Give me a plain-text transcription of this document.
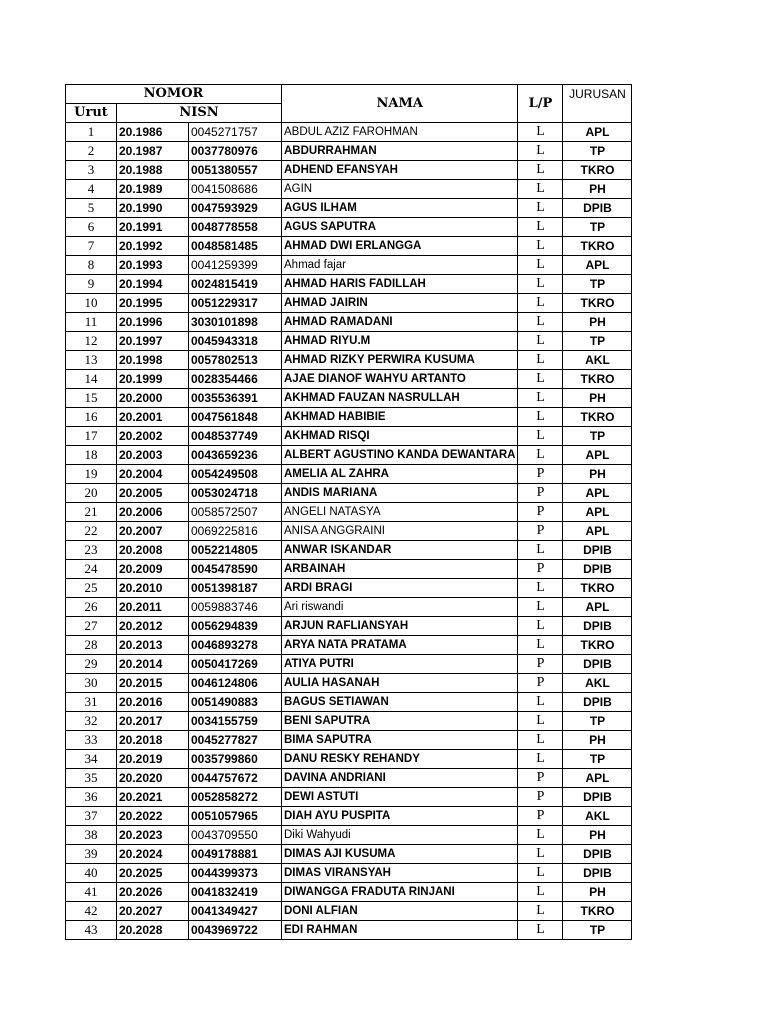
NOMOR			NAMA	L/P	JURUSAN
Urut	NISN				
1	20.1986	0045271757	ABDUL AZIZ FAROHMAN	L	APL
2	20.1987	0037780976	ABDURRAHMAN	L	TP
3	20.1988	0051380557	ADHEND EFANSYAH	L	TKRO
4	20.1989	0041508686	AGIN	L	PH
5	20.1990	0047593929	AGUS ILHAM	L	DPIB
6	20.1991	0048778558	AGUS SAPUTRA	L	TP
7	20.1992	0048581485	AHMAD DWI ERLANGGA	L	TKRO
8	20.1993	0041259399	Ahmad fajar	L	APL
9	20.1994	0024815419	AHMAD HARIS FADILLAH	L	TP
10	20.1995	0051229317	AHMAD JAIRIN	L	TKRO
11	20.1996	3030101898	AHMAD RAMADANI	L	PH
12	20.1997	0045943318	AHMAD RIYU.M	L	TP
13	20.1998	0057802513	AHMAD RIZKY PERWIRA KUSUMA	L	AKL
14	20.1999	0028354466	AJAE DIANOF WAHYU ARTANTO	L	TKRO
15	20.2000	0035536391	AKHMAD FAUZAN NASRULLAH	L	PH
16	20.2001	0047561848	AKHMAD HABIBIE	L	TKRO
17	20.2002	0048537749	AKHMAD RISQI	L	TP
18	20.2003	0043659236	ALBERT AGUSTINO KANDA DEWANTARA	L	APL
19	20.2004	0054249508	AMELIA AL ZAHRA	P	PH
20	20.2005	0053024718	ANDIS MARIANA	P	APL
21	20.2006	0058572507	ANGELI NATASYA	P	APL
22	20.2007	0069225816	ANISA ANGGRAINI	P	APL
23	20.2008	0052214805	ANWAR ISKANDAR	L	DPIB
24	20.2009	0045478590	ARBAINAH	P	DPIB
25	20.2010	0051398187	ARDI BRAGI	L	TKRO
26	20.2011	0059883746	Ari riswandi	L	APL
27	20.2012	0056294839	ARJUN RAFLIANSYAH	L	DPIB
28	20.2013	0046893278	ARYA NATA PRATAMA	L	TKRO
29	20.2014	0050417269	ATIYA PUTRI	P	DPIB
30	20.2015	0046124806	AULIA HASANAH	P	AKL
31	20.2016	0051490883	BAGUS SETIAWAN	L	DPIB
32	20.2017	0034155759	BENI SAPUTRA	L	TP
33	20.2018	0045277827	BIMA SAPUTRA	L	PH
34	20.2019	0035799860	DANU RESKY REHANDY	L	TP
35	20.2020	0044757672	DAVINA ANDRIANI	P	APL
36	20.2021	0052858272	DEWI ASTUTI	P	DPIB
37	20.2022	0051057965	DIAH AYU PUSPITA	P	AKL
38	20.2023	0043709550	Diki Wahyudi	L	PH
39	20.2024	0049178881	DIMAS AJI KUSUMA	L	DPIB
40	20.2025	0044399373	DIMAS VIRANSYAH	L	DPIB
41	20.2026	0041832419	DIWANGGA FRADUTA RINJANI	L	PH
42	20.2027	0041349427	DONI ALFIAN	L	TKRO
43	20.2028	0043969722	EDI RAHMAN	L	TP
